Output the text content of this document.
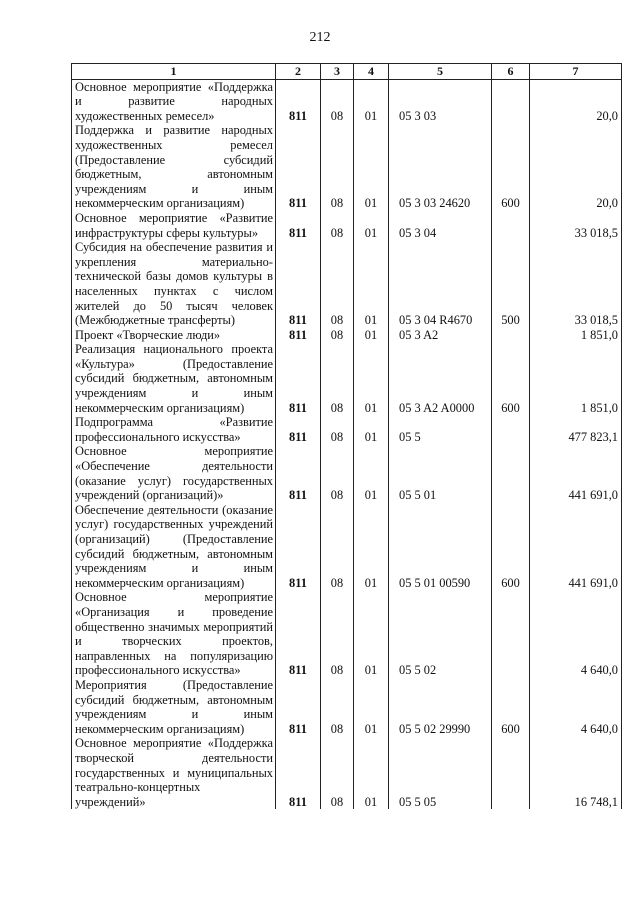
212
1	2	3	4	5	6	7

Основное мероприятие «Поддержка и развитие народных художественных ремесел»	811	08	01	05 3 03		20,0

Поддержка и развитие народных художественных ремесел (Предоставление субсидий бюджетным, автономным учреждениям и иным некоммерческим организациям)	811	08	01	05 3 03 24620	600	20,0

Основное мероприятие «Развитие инфраструктуры сферы культуры»	811	08	01	05 3 04		33 018,5

Субсидия на обеспечение развития и укрепления материально-технической базы домов культуры в населенных пунктах с числом жителей до 50 тысяч человек (Межбюджетные трансферты)	811	08	01	05 3 04 R4670	500	33 018,5

Проект «Творческие люди»	811	08	01	05 3 A2		1 851,0

Реализация национального проекта «Культура» (Предоставление субсидий бюджетным, автономным учреждениям и иным некоммерческим организациям)	811	08	01	05 3 A2 A0000	600	1 851,0

Подпрограмма «Развитие профессионального искусства»	811	08	01	05 5		477 823,1

Основное мероприятие «Обеспечение деятельности (оказание услуг) государственных учреждений (организаций)»	811	08	01	05 5 01		441 691,0

Обеспечение деятельности (оказание услуг) государственных учреждений (организаций) (Предоставление субсидий бюджетным, автономным учреждениям и иным некоммерческим организациям)	811	08	01	05 5 01 00590	600	441 691,0

Основное мероприятие «Организация и проведение общественно значимых мероприятий и творческих проектов, направленных на популяризацию профессионального искусства»	811	08	01	05 5 02		4 640,0

Мероприятия (Предоставление субсидий бюджетным, автономным учреждениям и иным некоммерческим организациям)	811	08	01	05 5 02 29990	600	4 640,0

Основное мероприятие «Поддержка творческой деятельности государственных и муниципальных театрально-концертных учреждений»	811	08	01	05 5 05		16 748,1
